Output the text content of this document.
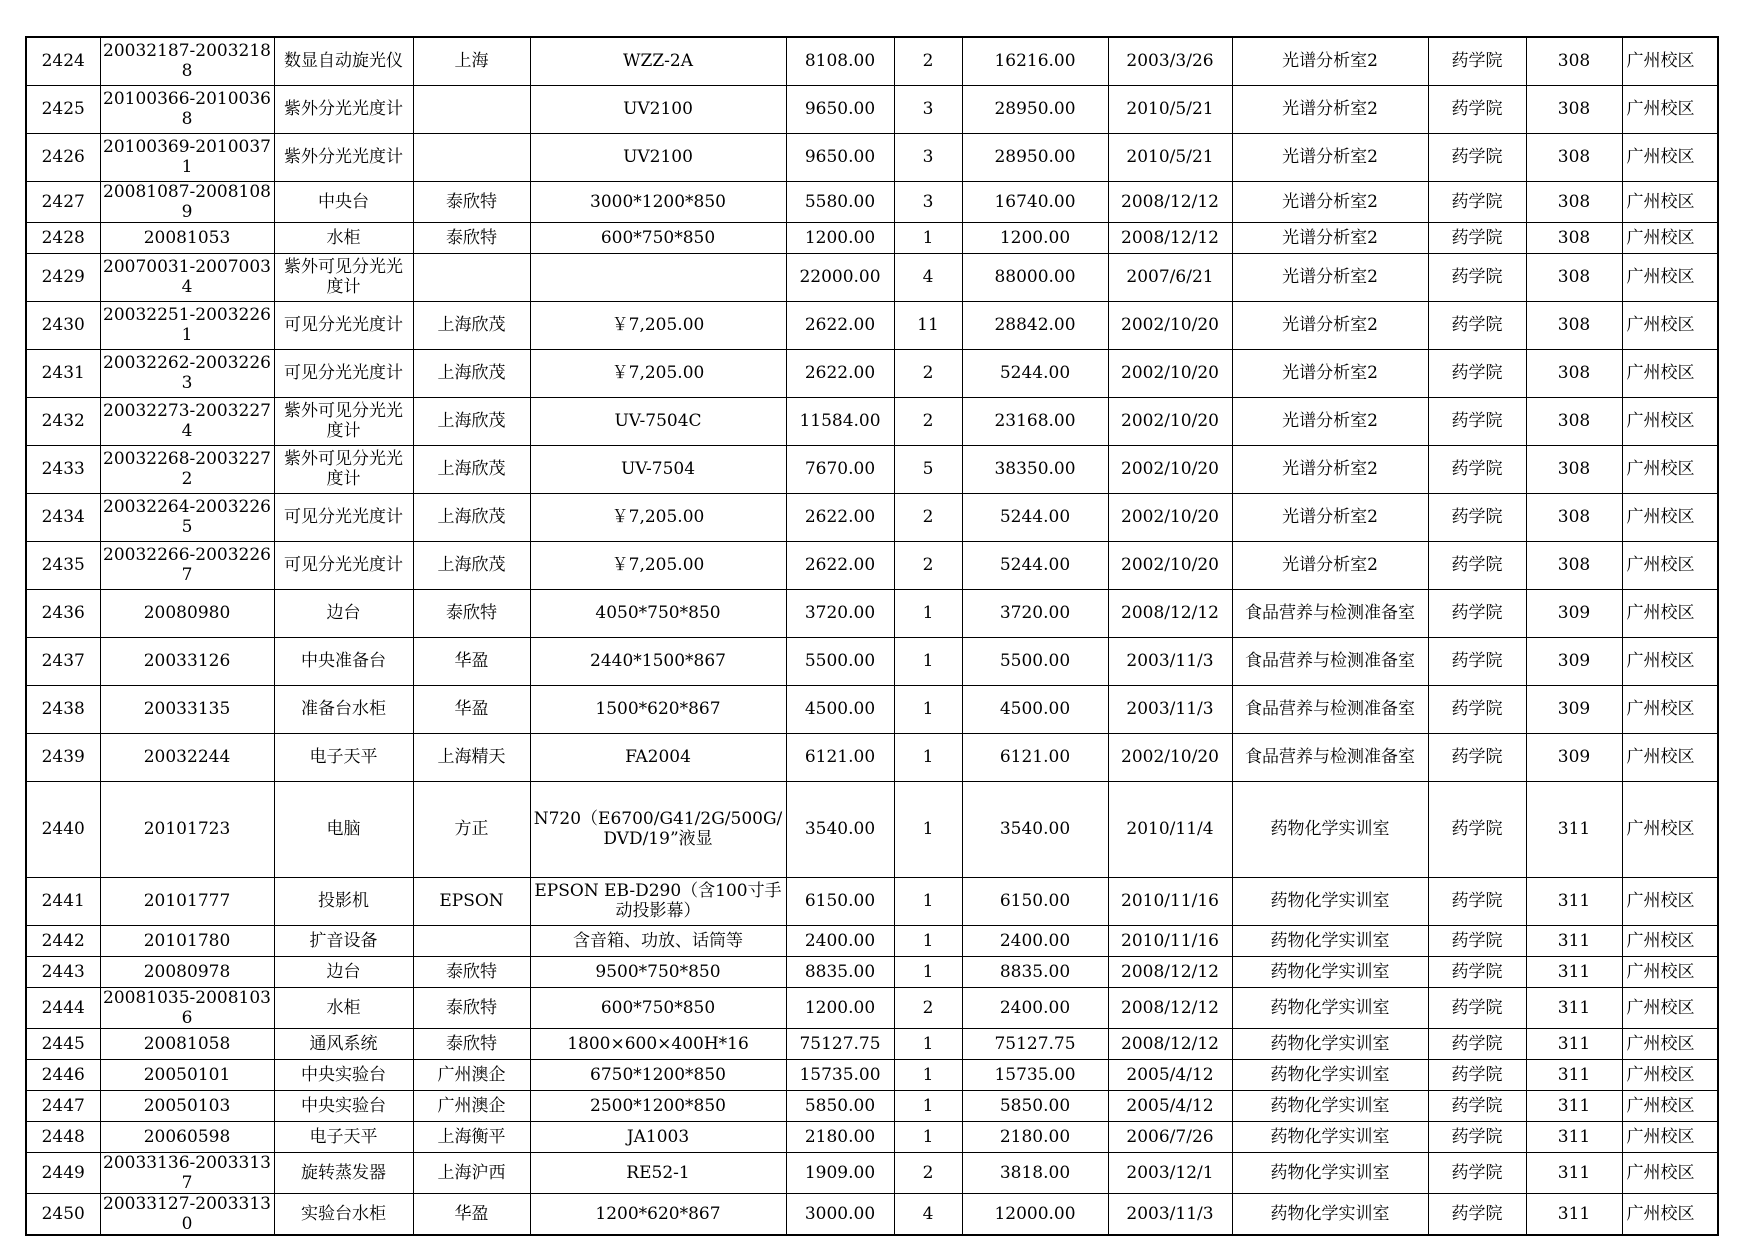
2424	20032187-20032188	数显自动旋光仪	上海	WZZ-2A	8108.00	2	16216.00	2003/3/26	光谱分析室2	药学院	308	广州校区
2425	20100366-20100368	紫外分光光度计		UV2100	9650.00	3	28950.00	2010/5/21	光谱分析室2	药学院	308	广州校区
2426	20100369-20100371	紫外分光光度计		UV2100	9650.00	3	28950.00	2010/5/21	光谱分析室2	药学院	308	广州校区
2427	20081087-20081089	中央台	泰欣特	3000*1200*850	5580.00	3	16740.00	2008/12/12	光谱分析室2	药学院	308	广州校区
2428	20081053	水柜	泰欣特	600*750*850	1200.00	1	1200.00	2008/12/12	光谱分析室2	药学院	308	广州校区
2429	20070031-20070034	紫外可见分光光度计			22000.00	4	88000.00	2007/6/21	光谱分析室2	药学院	308	广州校区
2430	20032251-20032261	可见分光光度计	上海欣茂	￥7,205.00	2622.00	11	28842.00	2002/10/20	光谱分析室2	药学院	308	广州校区
2431	20032262-20032263	可见分光光度计	上海欣茂	￥7,205.00	2622.00	2	5244.00	2002/10/20	光谱分析室2	药学院	308	广州校区
2432	20032273-20032274	紫外可见分光光度计	上海欣茂	UV-7504C	11584.00	2	23168.00	2002/10/20	光谱分析室2	药学院	308	广州校区
2433	20032268-20032272	紫外可见分光光度计	上海欣茂	UV-7504	7670.00	5	38350.00	2002/10/20	光谱分析室2	药学院	308	广州校区
2434	20032264-20032265	可见分光光度计	上海欣茂	￥7,205.00	2622.00	2	5244.00	2002/10/20	光谱分析室2	药学院	308	广州校区
2435	20032266-20032267	可见分光光度计	上海欣茂	￥7,205.00	2622.00	2	5244.00	2002/10/20	光谱分析室2	药学院	308	广州校区
2436	20080980	边台	泰欣特	4050*750*850	3720.00	1	3720.00	2008/12/12	食品营养与检测准备室	药学院	309	广州校区
2437	20033126	中央准备台	华盈	2440*1500*867	5500.00	1	5500.00	2003/11/3	食品营养与检测准备室	药学院	309	广州校区
2438	20033135	准备台水柜	华盈	1500*620*867	4500.00	1	4500.00	2003/11/3	食品营养与检测准备室	药学院	309	广州校区
2439	20032244	电子天平	上海精天	FA2004	6121.00	1	6121.00	2002/10/20	食品营养与检测准备室	药学院	309	广州校区
2440	20101723	电脑	方正	N720（E6700/G41/2G/500G/DVD/19”液显	3540.00	1	3540.00	2010/11/4	药物化学实训室	药学院	311	广州校区
2441	20101777	投影机	EPSON	EPSON EB-D290（含100寸手动投影幕）	6150.00	1	6150.00	2010/11/16	药物化学实训室	药学院	311	广州校区
2442	20101780	扩音设备		含音箱、功放、话筒等	2400.00	1	2400.00	2010/11/16	药物化学实训室	药学院	311	广州校区
2443	20080978	边台	泰欣特	9500*750*850	8835.00	1	8835.00	2008/12/12	药物化学实训室	药学院	311	广州校区
2444	20081035-20081036	水柜	泰欣特	600*750*850	1200.00	2	2400.00	2008/12/12	药物化学实训室	药学院	311	广州校区
2445	20081058	通风系统	泰欣特	1800×600×400H*16	75127.75	1	75127.75	2008/12/12	药物化学实训室	药学院	311	广州校区
2446	20050101	中央实验台	广州澳企	6750*1200*850	15735.00	1	15735.00	2005/4/12	药物化学实训室	药学院	311	广州校区
2447	20050103	中央实验台	广州澳企	2500*1200*850	5850.00	1	5850.00	2005/4/12	药物化学实训室	药学院	311	广州校区
2448	20060598	电子天平	上海衡平	JA1003	2180.00	1	2180.00	2006/7/26	药物化学实训室	药学院	311	广州校区
2449	20033136-20033137	旋转蒸发器	上海沪西	RE52-1	1909.00	2	3818.00	2003/12/1	药物化学实训室	药学院	311	广州校区
2450	20033127-20033130	实验台水柜	华盈	1200*620*867	3000.00	4	12000.00	2003/11/3	药物化学实训室	药学院	311	广州校区
